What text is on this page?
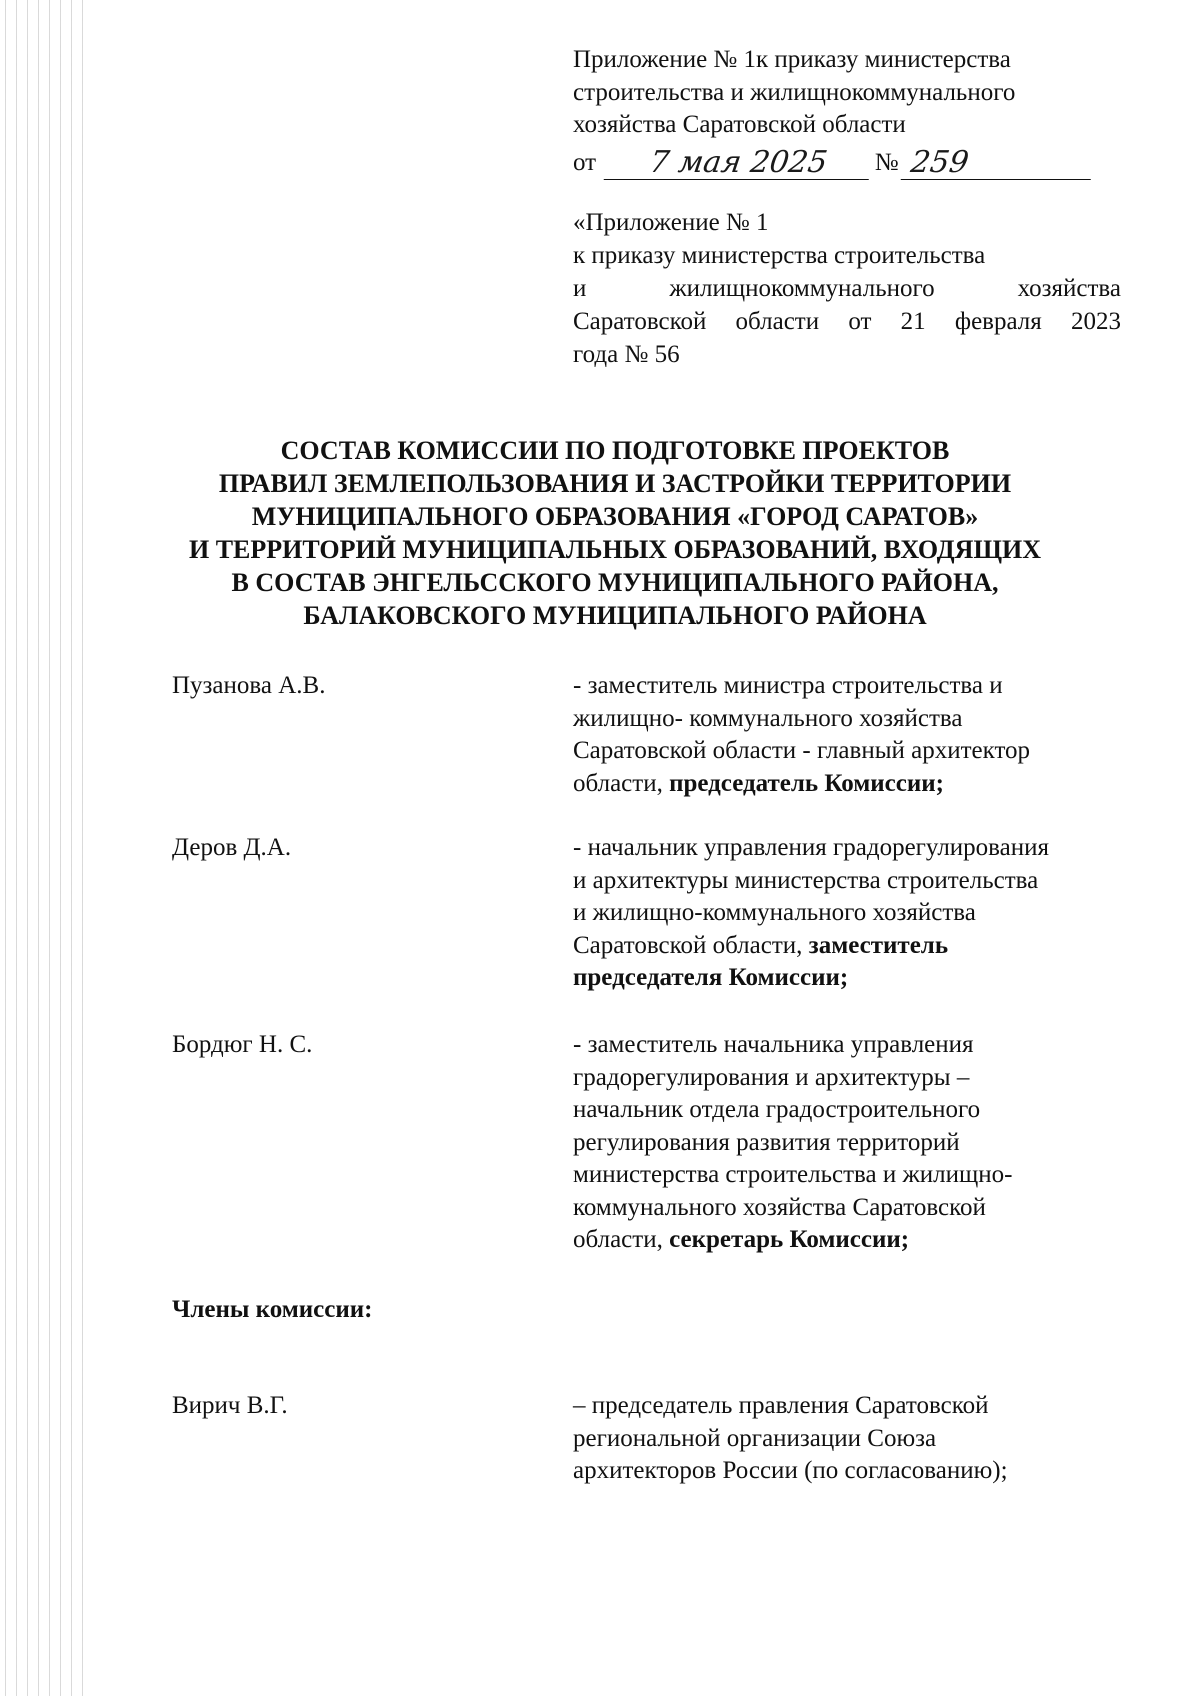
Приложение № 1к приказу министерства
строительства и жилищнокоммунального
хозяйства Саратовской области
от	7 мая 2025	№ 259
«Приложение № 1
к приказу министерства строительства
и жилищнокоммунального хозяйства
Саратовской области от 21 февраля 2023
года № 56
СОСТАВ КОМИССИИ ПО ПОДГОТОВКЕ ПРОЕКТОВ
ПРАВИЛ ЗЕМЛЕПОЛЬЗОВАНИЯ И ЗАСТРОЙКИ ТЕРРИТОРИИ
МУНИЦИПАЛЬНОГО ОБРАЗОВАНИЯ «ГОРОД САРАТОВ»
И ТЕРРИТОРИЙ МУНИЦИПАЛЬНЫХ ОБРАЗОВАНИЙ, ВХОДЯЩИХ
В СОСТАВ ЭНГЕЛЬССКОГО МУНИЦИПАЛЬНОГО РАЙОНА,
БАЛАКОВСКОГО МУНИЦИПАЛЬНОГО РАЙОНА
Пузанова А.В.	- заместитель министра строительства и
жилищно- коммунального хозяйства
Саратовской области - главный архитектор
области, председатель Комиссии;
Деров Д.А.	- начальник управления градорегулирования
и архитектуры министерства строительства
и жилищно-коммунального хозяйства
Саратовской области, заместитель
председателя Комиссии;
Бордюг Н. С.	- заместитель начальника управления
градорегулирования и архитектуры –
начальник отдела градостроительного
регулирования развития территорий
министерства строительства и жилищно-
коммунального хозяйства Саратовской
области, секретарь Комиссии;
Члены комиссии:
Вирич В.Г.	– председатель правления Саратовской
региональной организации Союза
архитекторов России (по согласованию);
